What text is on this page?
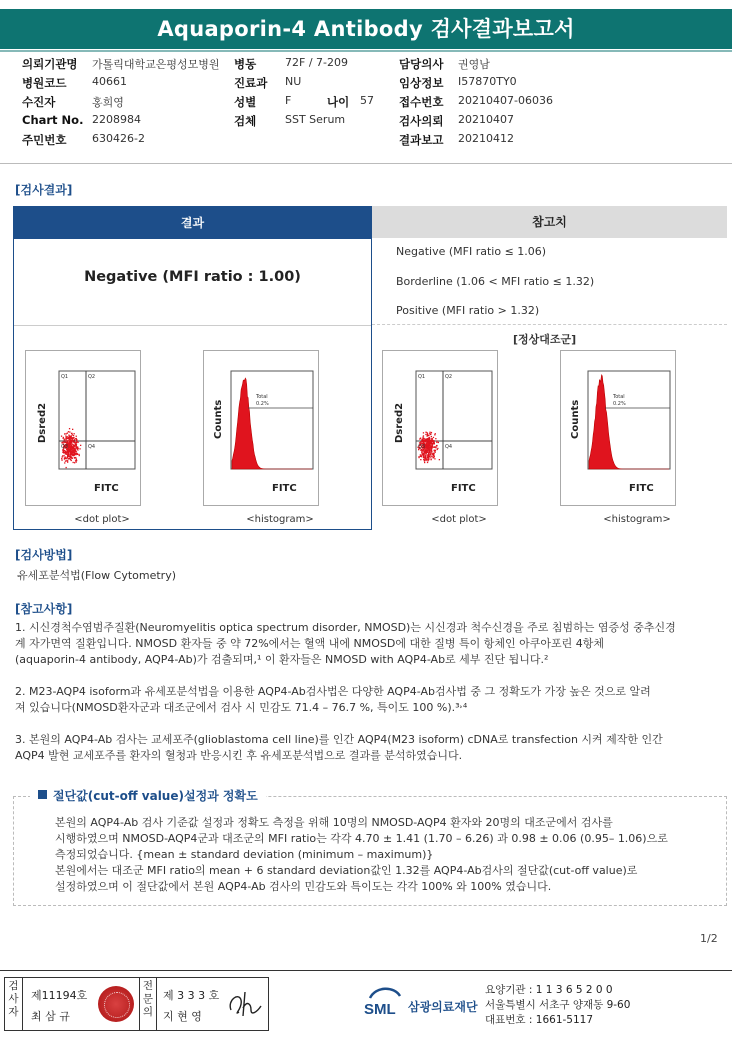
Aquaporin-4 Antibody 검사결과보고서
의뢰기관명 가톨릭대학교은평성모병원 병동	72F / 7-209	담당의사 권영남
병원코드 40661	진료과 NU	임상정보 I57870TY0
수진자	홍희영	성별	F	나이 57 접수번호 20210407-06036
Chart No. 2208984	검체	SST Serum	검사의뢰 20210407
주민번호 630426-2	결과보고 20210412
[검사결과]
결과
Negative (MFI ratio : 1.00)
참고치
[정상대조군]
Negative (MFI ratio ≤ 1.06)
Borderline (1.06 < MFI ratio ≤ 1.32)
Positive (MFI ratio > 1.32)
Q1	Q2
Q3	Q4
Dsred2
FITC
<dot plot>
Total
0.2%
Counts
FITC
<histogram>
Q1	Q2
Q3	Q4
Dsred2
FITC
<dot plot>
Total
0.2%
Counts
FITC
<histogram>
[검사방법]
유세포분석법(Flow Cytometry)
[참고사항]
1. 시신경척수염범주질환(Neuromyelitis optica spectrum disorder, NMOSD)는 시신경과 척수신경을 주로 침범하는 염증성 중추신경
계 자가면역 질환입니다. NMOSD 환자들 중 약 72%에서는 혈액 내에 NMOSD에 대한 질병 특이 항체인 아쿠아포린 4항체
(aquaporin-4 antibody, AQP4-Ab)가 검출되며,¹ 이 환자들은 NMOSD with AQP4-Ab로 세부 진단 됩니다.²
2. M23-AQP4 isoform과 유세포분석법을 이용한 AQP4-Ab검사법은 다양한 AQP4-Ab검사법 중 그 정확도가 가장 높은 것으로 알려
져 있습니다(NMOSD환자군과 대조군에서 검사 시 민감도 71.4 – 76.7 %, 특이도 100 %).³˒⁴
3. 본원의 AQP4-Ab 검사는 교세포주(glioblastoma cell line)를 인간 AQP4(M23 isoform) cDNA로 transfection 시켜 제작한 인간
AQP4 발현 교세포주를 환자의 혈청과 반응시킨 후 유세포분석법으로 결과를 분석하였습니다.
절단값(cut-off value)설정과 정확도
본원의 AQP4-Ab 검사 기준값 설정과 정확도 측정을 위해 10명의 NMOSD-AQP4 환자와 20명의 대조군에서 검사를
시행하였으며 NMOSD-AQP4군과 대조군의 MFI ratio는 각각 4.70 ± 1.41 (1.70 – 6.26) 과 0.98 ± 0.06 (0.95– 1.06)으로
측정되었습니다. {mean ± standard deviation (minimum – maximum)}
본원에서는 대조군 MFI ratio의 mean + 6 standard deviation값인 1.32를 AQP4-Ab검사의 절단값(cut-off value)로
설정하였으며 이 절단값에서 본원 AQP4-Ab 검사의 민감도와 특이도는 각각 100% 와 100% 였습니다.
1/2
검사자
제11194호
최 삼 규
전문의
제 3 3 3 호
지 현 영	SML 삼광의료재단
요양기관 : 1 1 3 6 5 2 0 0
서울특별시 서초구 양재동 9-60
대표번호 : 1661-5117
